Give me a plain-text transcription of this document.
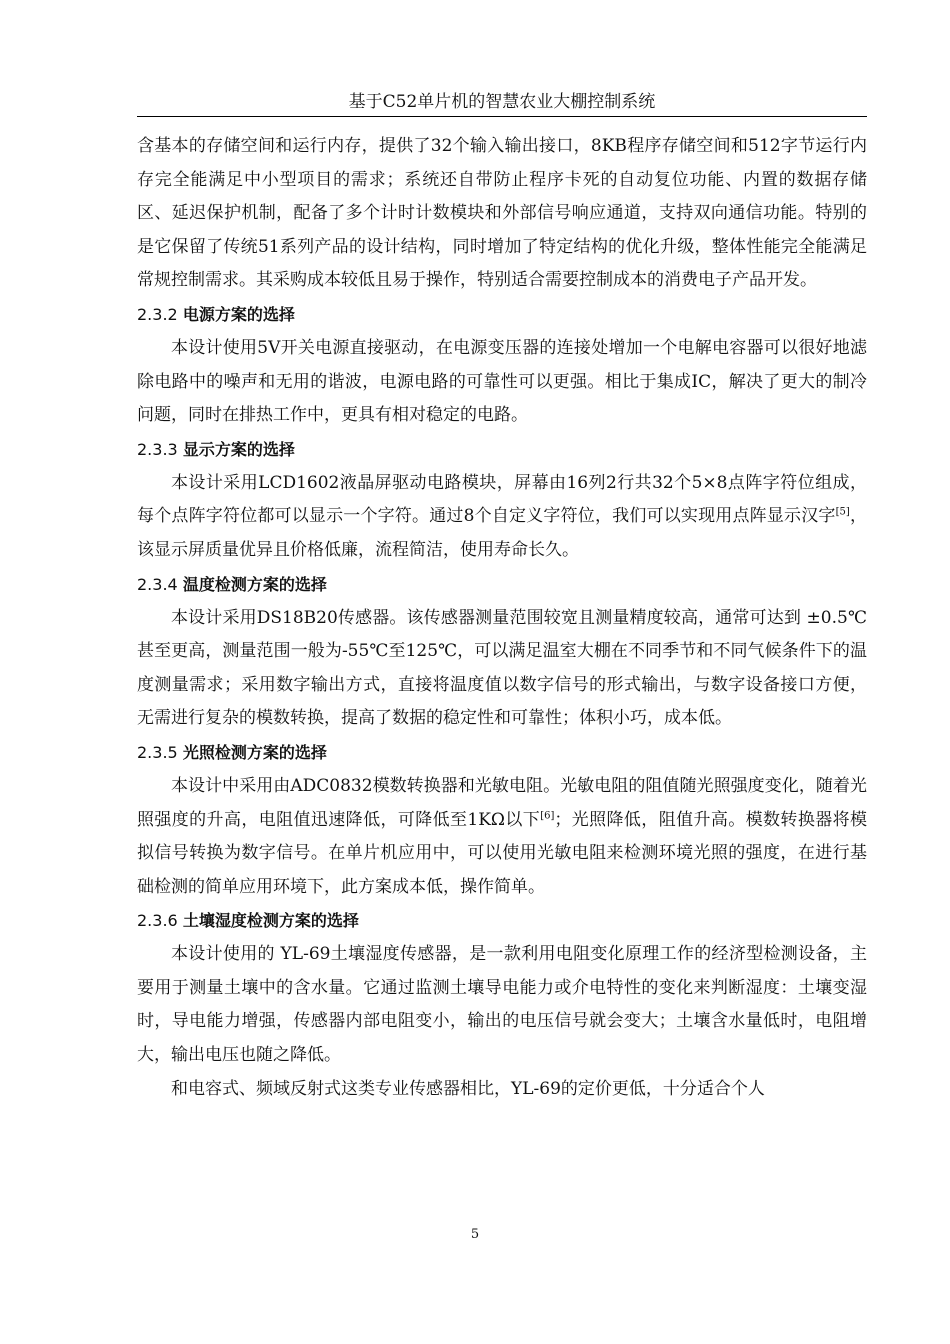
基于C52单片机的智慧农业大棚控制系统

含基本的存储空间和运行内存，提供了32个输入输出接口，8KB程序存储空间和512字节运行内存完全能满足中小型项目的需求；系统还自带防止程序卡死的自动复位功能、内置的数据存储区、延迟保护机制，配备了多个计时计数模块和外部信号响应通道，支持双向通信功能。特别的是它保留了传统51系列产品的设计结构，同时增加了特定结构的优化升级，整体性能完全能满足常规控制需求。其采购成本较低且易于操作，特别适合需要控制成本的消费电子产品开发。

2.3.2 电源方案的选择

本设计使用5V开关电源直接驱动，在电源变压器的连接处增加一个电解电容器可以很好地滤除电路中的噪声和无用的谐波，电源电路的可靠性可以更强。相比于集成IC，解决了更大的制冷问题，同时在排热工作中，更具有相对稳定的电路。

2.3.3 显示方案的选择

本设计采用LCD1602液晶屏驱动电路模块，屏幕由16列2行共32个5×8点阵字符位组成，每个点阵字符位都可以显示一个字符。通过8个自定义字符位，我们可以实现用点阵显示汉字[5]，该显示屏质量优异且价格低廉，流程简洁，使用寿命长久。

2.3.4 温度检测方案的选择

本设计采用DS18B20传感器。该传感器测量范围较宽且测量精度较高，通常可达到 ±0.5℃甚至更高，测量范围一般为-55℃至125℃，可以满足温室大棚在不同季节和不同气候条件下的温度测量需求；采用数字输出方式，直接将温度值以数字信号的形式输出，与数字设备接口方便，无需进行复杂的模数转换，提高了数据的稳定性和可靠性；体积小巧，成本低。

2.3.5 光照检测方案的选择

本设计中采用由ADC0832模数转换器和光敏电阻。光敏电阻的阻值随光照强度变化，随着光照强度的升高，电阻值迅速降低，可降低至1KΩ以下[6]；光照降低，阻值升高。模数转换器将模拟信号转换为数字信号。在单片机应用中，可以使用光敏电阻来检测环境光照的强度，在进行基础检测的简单应用环境下，此方案成本低，操作简单。

2.3.6 土壤湿度检测方案的选择

本设计使用的 YL-69土壤湿度传感器，是一款利用电阻变化原理工作的经济型检测设备，主要用于测量土壤中的含水量。它通过监测土壤导电能力或介电特性的变化来判断湿度：土壤变湿时，导电能力增强，传感器内部电阻变小，输出的电压信号就会变大；土壤含水量低时，电阻增大，输出电压也随之降低。

和电容式、频域反射式这类专业传感器相比，YL-69的定价更低，十分适合个人

5
